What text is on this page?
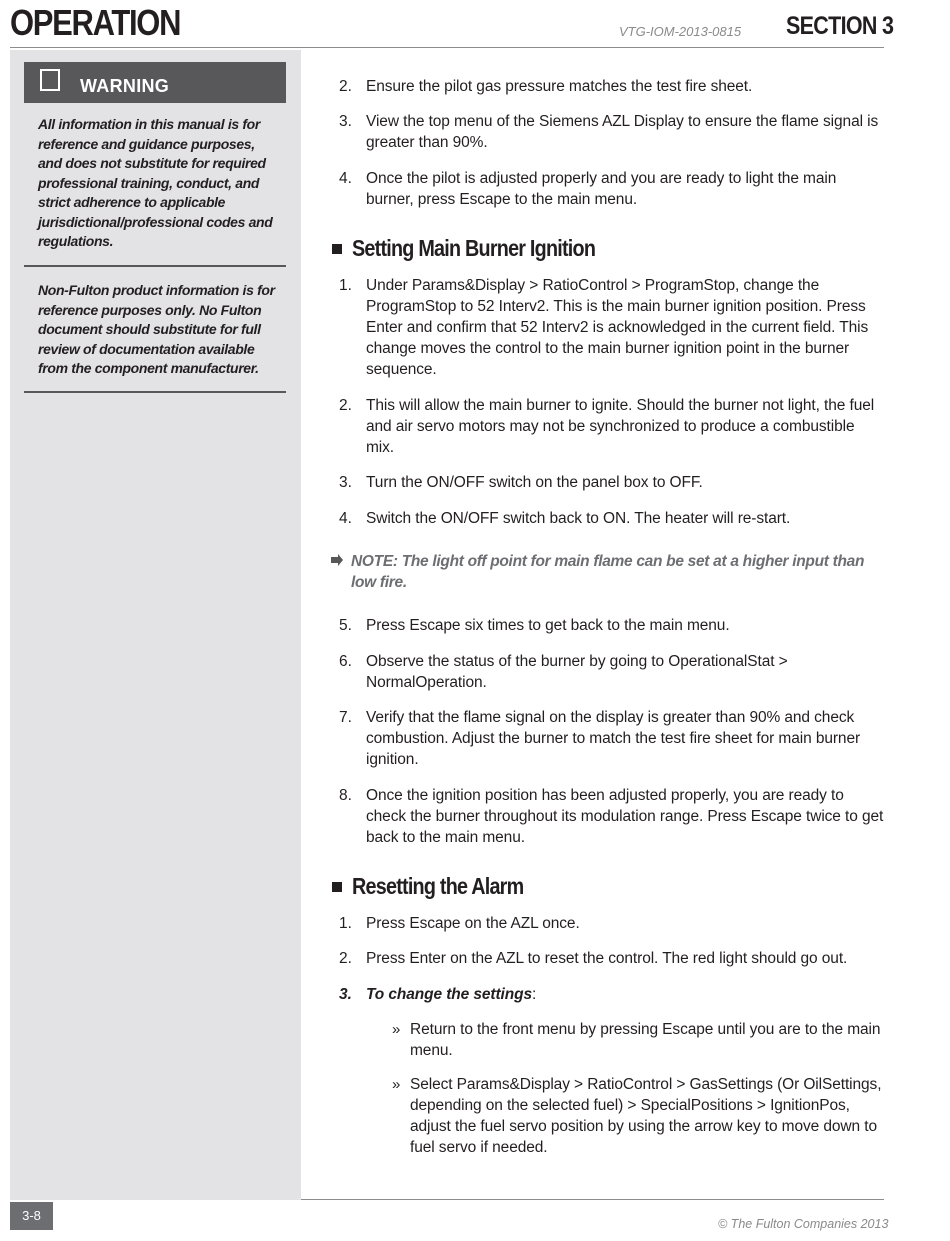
OPERATION	VTG-IOM-2013-0815 SECTION 3
WARNING
All information in this manual is for reference and guidance purposes, and does not substitute for required professional training, conduct, and strict adherence to applicable jurisdictional/professional codes and regulations.
Non-Fulton product information is for reference purposes only. No Fulton document should substitute for full review of documentation available from the component manufacturer.
2. Ensure the pilot gas pressure matches the test fire sheet.
3. View the top menu of the Siemens AZL Display to ensure the flame signal is greater than 90%.
4. Once the pilot is adjusted properly and you are ready to light the main burner, press Escape to the main menu.
Setting Main Burner Ignition
1. Under Params&Display > RatioControl > ProgramStop, change the ProgramStop to 52 Interv2. This is the main burner ignition position. Press Enter and confirm that 52 Interv2 is acknowledged in the current field. This change moves the control to the main burner ignition point in the burner sequence.
2. This will allow the main burner to ignite. Should the burner not light, the fuel and air servo motors may not be synchronized to produce a combustible mix.
3. Turn the ON/OFF switch on the panel box to OFF.
4. Switch the ON/OFF switch back to ON. The heater will re-start.
NOTE: The light off point for main flame can be set at a higher input than low fire.
5. Press Escape six times to get back to the main menu.
6. Observe the status of the burner by going to OperationalStat > NormalOperation.
7. Verify that the flame signal on the display is greater than 90% and check combustion. Adjust the burner to match the test fire sheet for main burner ignition.
8. Once the ignition position has been adjusted properly, you are ready to check the burner throughout its modulation range. Press Escape twice to get back to the main menu.
Resetting the Alarm
1. Press Escape on the AZL once.
2. Press Enter on the AZL to reset the control. The red light should go out.
3. To change the settings:
» Return to the front menu by pressing Escape until you are to the main menu.
» Select Params&Display > RatioControl > GasSettings (Or OilSettings, depending on the selected fuel) > SpecialPositions > IgnitionPos, adjust the fuel servo position by using the arrow key to move down to fuel servo if needed.
3-8
© The Fulton Companies 2013
